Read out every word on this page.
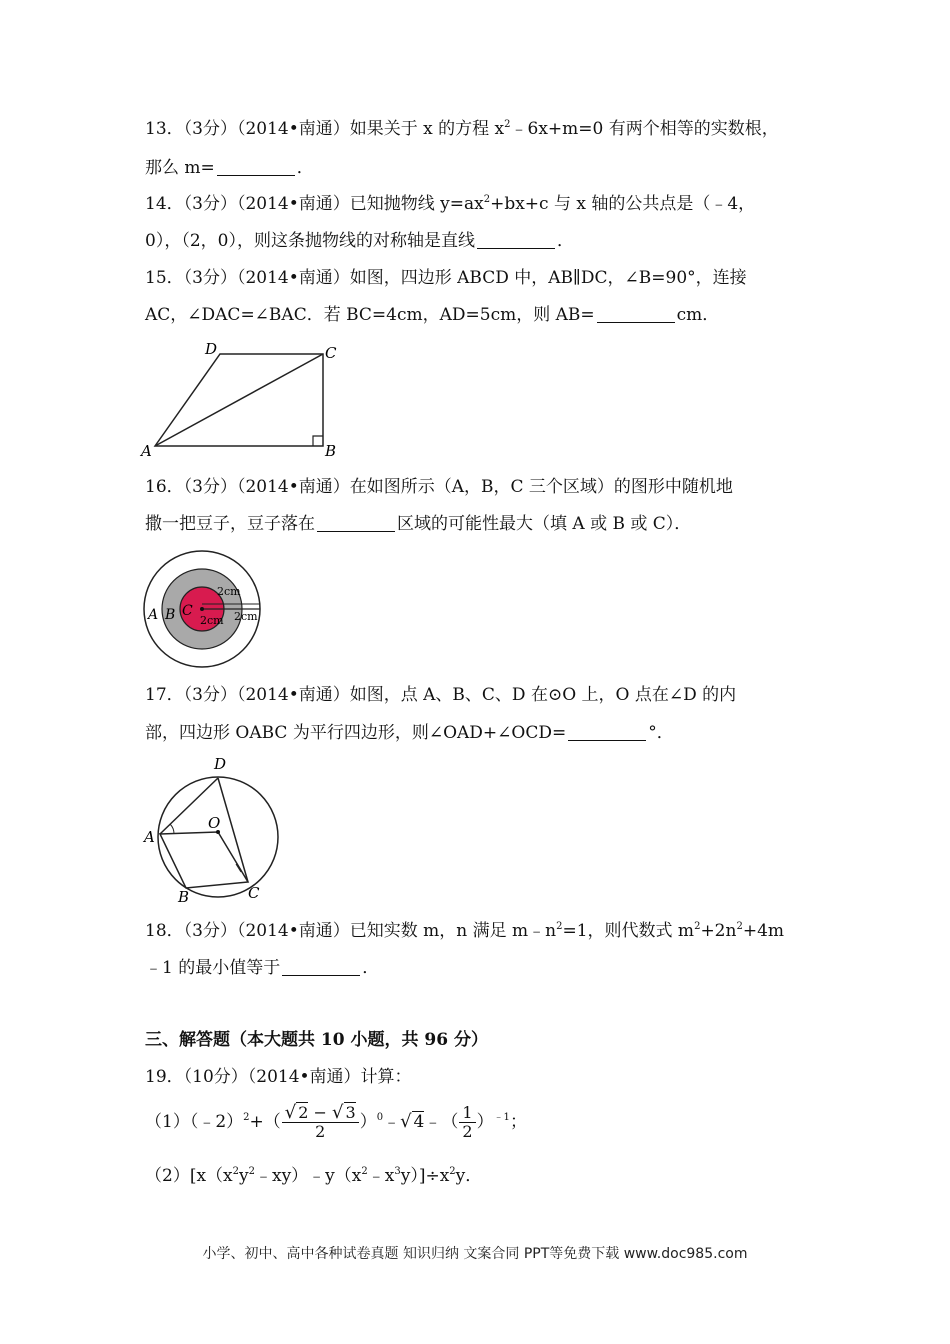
13．（3分）（2014•南通）如果关于 x 的方程 $x^2﹣6x+m=0$ 有两个相等的实数根，
那么 m=	．
14．（3分）（2014•南通）已知抛物线 $y=ax^2+bx+c$ 与 x 轴的公共点是（﹣4，
0），（2，0），则这条抛物线的对称轴是直线	．
15．（3分）（2014•南通）如图，四边形 ABCD 中，AB∥DC，∠B=90°，连接
AC，∠DAC=∠BAC．若 BC=4cm，AD=5cm，则 AB=	cm．
A	B
C
D
16．（3分）（2014•南通）在如图所示（A，B，C 三个区域）的图形中随机地
撒一把豆子，豆子落在	区域的可能性最大（填 A 或 B 或 C）．
A B C
2cm
2cm 2cm
17．（3分）（2014•南通）如图，点 A、B、C、D 在⊙O 上，O 点在∠D 的内
部，四边形 OABC 为平行四边形，则∠OAD+∠OCD=	°．
A
B	C
D
O
18．（3分）（2014•南通）已知实数 m，n 满足 $m﹣n^2=1$，则代数式 $m^2+2n^2+4m$
﹣1 的最小值等于	．
三、解答题（本大题共 10 小题，共 96 分）
19．（10分）（2014•南通）计算：
（1）（﹣2）$^2$+（ $\frac{√ 2 - √ 3}{2}$ ）$^0$﹣√ 4﹣（ $\frac{1}{2} )^{﹣1}$；
$(2)[x(x^2y^2﹣xy)﹣y(x^2﹣x^3y)]\div x^2y$．
小学、初中、高中各种试卷真题 知识归纳 文案合同 PPT等免费下载 www.doc985.com
